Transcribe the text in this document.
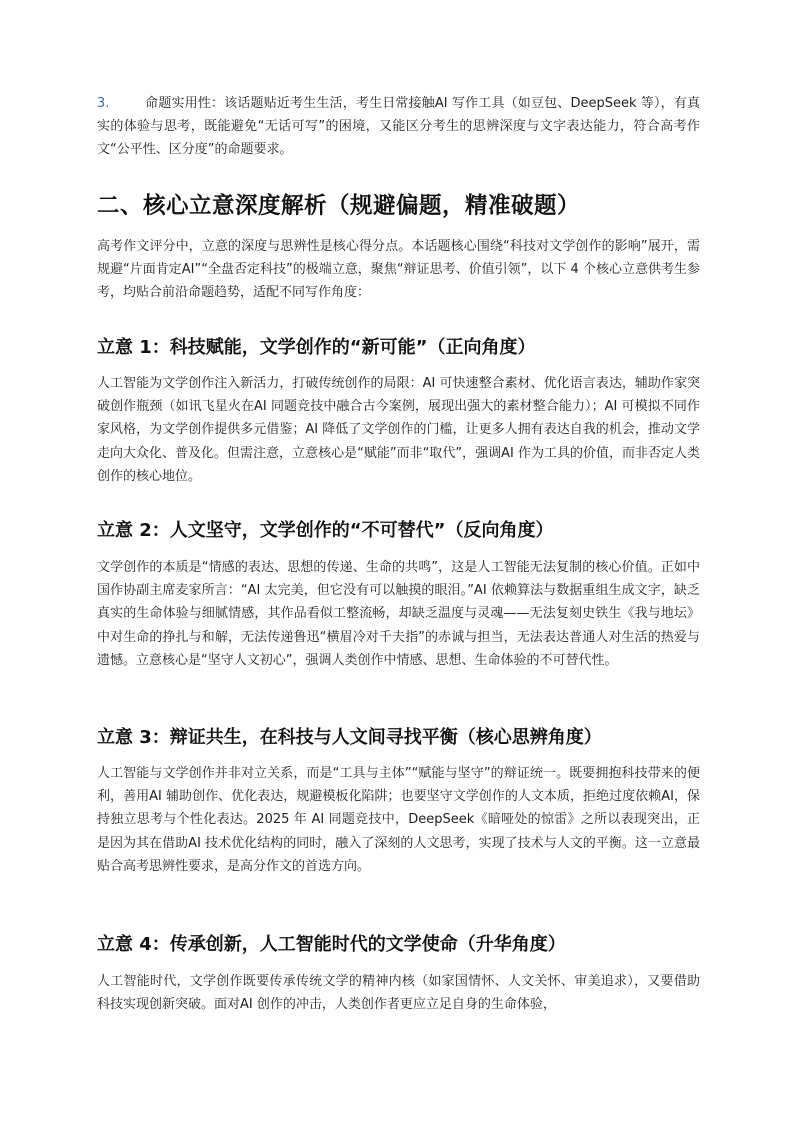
3.	命题实用性：该话题贴近考生生活，考生日常接触AI 写作工具（如豆包、DeepSeek 等），有真实的体验与思考，既能避免“无话可写”的困境，又能区分考生的思辨深度与文字表达能力，符合高考作文“公平性、区分度”的命题要求。
二、核心立意深度解析（规避偏题，精准破题）

高考作文评分中，立意的深度与思辨性是核心得分点。本话题核心围绕“科技对文学创作的影响”展开，需规避“片面肯定AI”“全盘否定科技”的极端立意，聚焦“辩证思考、价值引领”，以下 4 个核心立意供考生参考，均贴合前沿命题趋势，适配不同写作角度：

立意 1：科技赋能，文学创作的“新可能”（正向角度）

人工智能为文学创作注入新活力，打破传统创作的局限：AI 可快速整合素材、优化语言表达，辅助作家突破创作瓶颈（如讯飞星火在AI 同题竞技中融合古今案例，展现出强大的素材整合能力）；AI 可模拟不同作家风格，为文学创作提供多元借鉴；AI 降低了文学创作的门槛，让更多人拥有表达自我的机会，推动文学走向大众化、普及化。但需注意，立意核心是“赋能”而非“取代”，强调AI 作为工具的价值，而非否定人类创作的核心地位。

立意 2：人文坚守，文学创作的“不可替代”（反向角度）

文学创作的本质是“情感的表达、思想的传递、生命的共鸣”，这是人工智能无法复制的核心价值。正如中国作协副主席麦家所言：“AI 太完美，但它没有可以触摸的眼泪。”AI 依赖算法与数据重组生成文字，缺乏真实的生命体验与细腻情感，其作品看似工整流畅，却缺乏温度与灵魂——无法复刻史铁生《我与地坛》中对生命的挣扎与和解，无法传递鲁迅“横眉冷对千夫指”的赤诚与担当，无法表达普通人对生活的热爱与遗憾。立意核心是“坚守人文初心”，强调人类创作中情感、思想、生命体验的不可替代性。

立意 3：辩证共生，在科技与人文间寻找平衡（核心思辨角度）

人工智能与文学创作并非对立关系，而是“工具与主体”“赋能与坚守”的辩证统一。既要拥抱科技带来的便利，善用AI 辅助创作、优化表达，规避模板化陷阱；也要坚守文学创作的人文本质，拒绝过度依赖AI，保持独立思考与个性化表达。2025 年 AI 同题竞技中，DeepSeek《暗哑处的惊雷》之所以表现突出，正是因为其在借助AI 技术优化结构的同时，融入了深刻的人文思考，实现了技术与人文的平衡。这一立意最贴合高考思辨性要求，是高分作文的首选方向。

立意 4：传承创新，人工智能时代的文学使命（升华角度）

人工智能时代，文学创作既要传承传统文学的精神内核（如家国情怀、人文关怀、审美追求），又要借助科技实现创新突破。面对AI 创作的冲击，人类创作者更应立足自身的生命体验，
